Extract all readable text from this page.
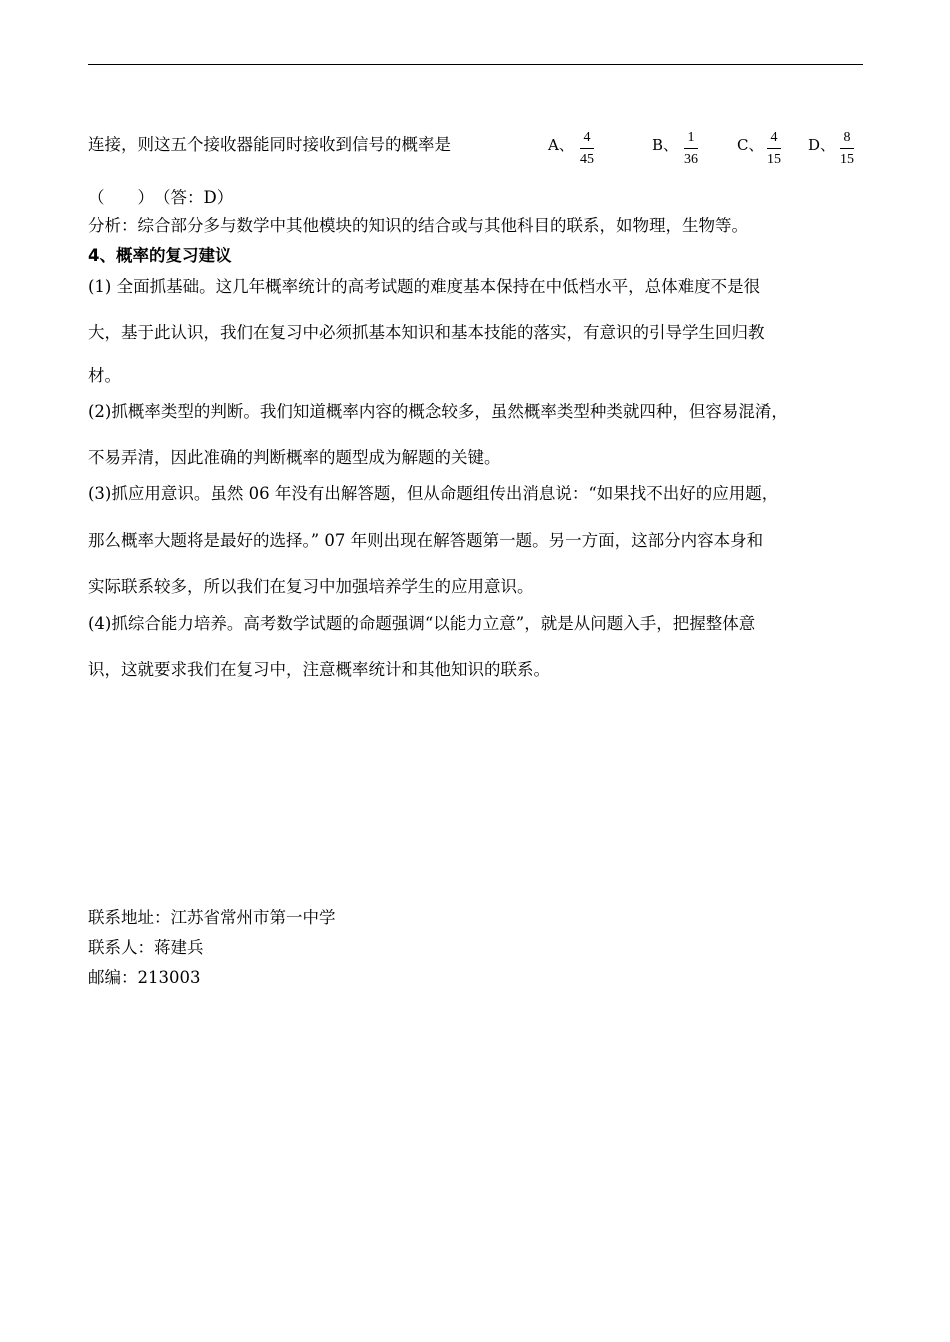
连接，则这五个接收器能同时接收到信号的概率是	A、 4
45
B、 1
36
C、 4
15
D、 8
15
（　　）　（答：D）
分析：综合部分多与数学中其他模块的知识的结合或与其他科目的联系，如物理，生物等。
4、概率的复习建议
(1) 全面抓基础。这几年概率统计的高考试题的难度基本保持在中低档水平，总体难度不是很
大，基于此认识，我们在复习中必须抓基本知识和基本技能的落实，有意识的引导学生回归教
材。
(2)抓概率类型的判断。我们知道概率内容的概念较多，虽然概率类型种类就四种，但容易混淆，
不易弄清，因此准确的判断概率的题型成为解题的关键。
(3)抓应用意识。虽然 06 年没有出解答题，但从命题组传出消息说：“如果找不出好的应用题，
那么概率大题将是最好的选择。” 07 年则出现在解答题第一题。另一方面，这部分内容本身和
实际联系较多，所以我们在复习中加强培养学生的应用意识。
(4)抓综合能力培养。高考数学试题的命题强调“以能力立意”，就是从问题入手，把握整体意
识，这就要求我们在复习中，注意概率统计和其他知识的联系。
联系地址：江苏省常州市第一中学
联系人：蒋建兵
邮编：213003
